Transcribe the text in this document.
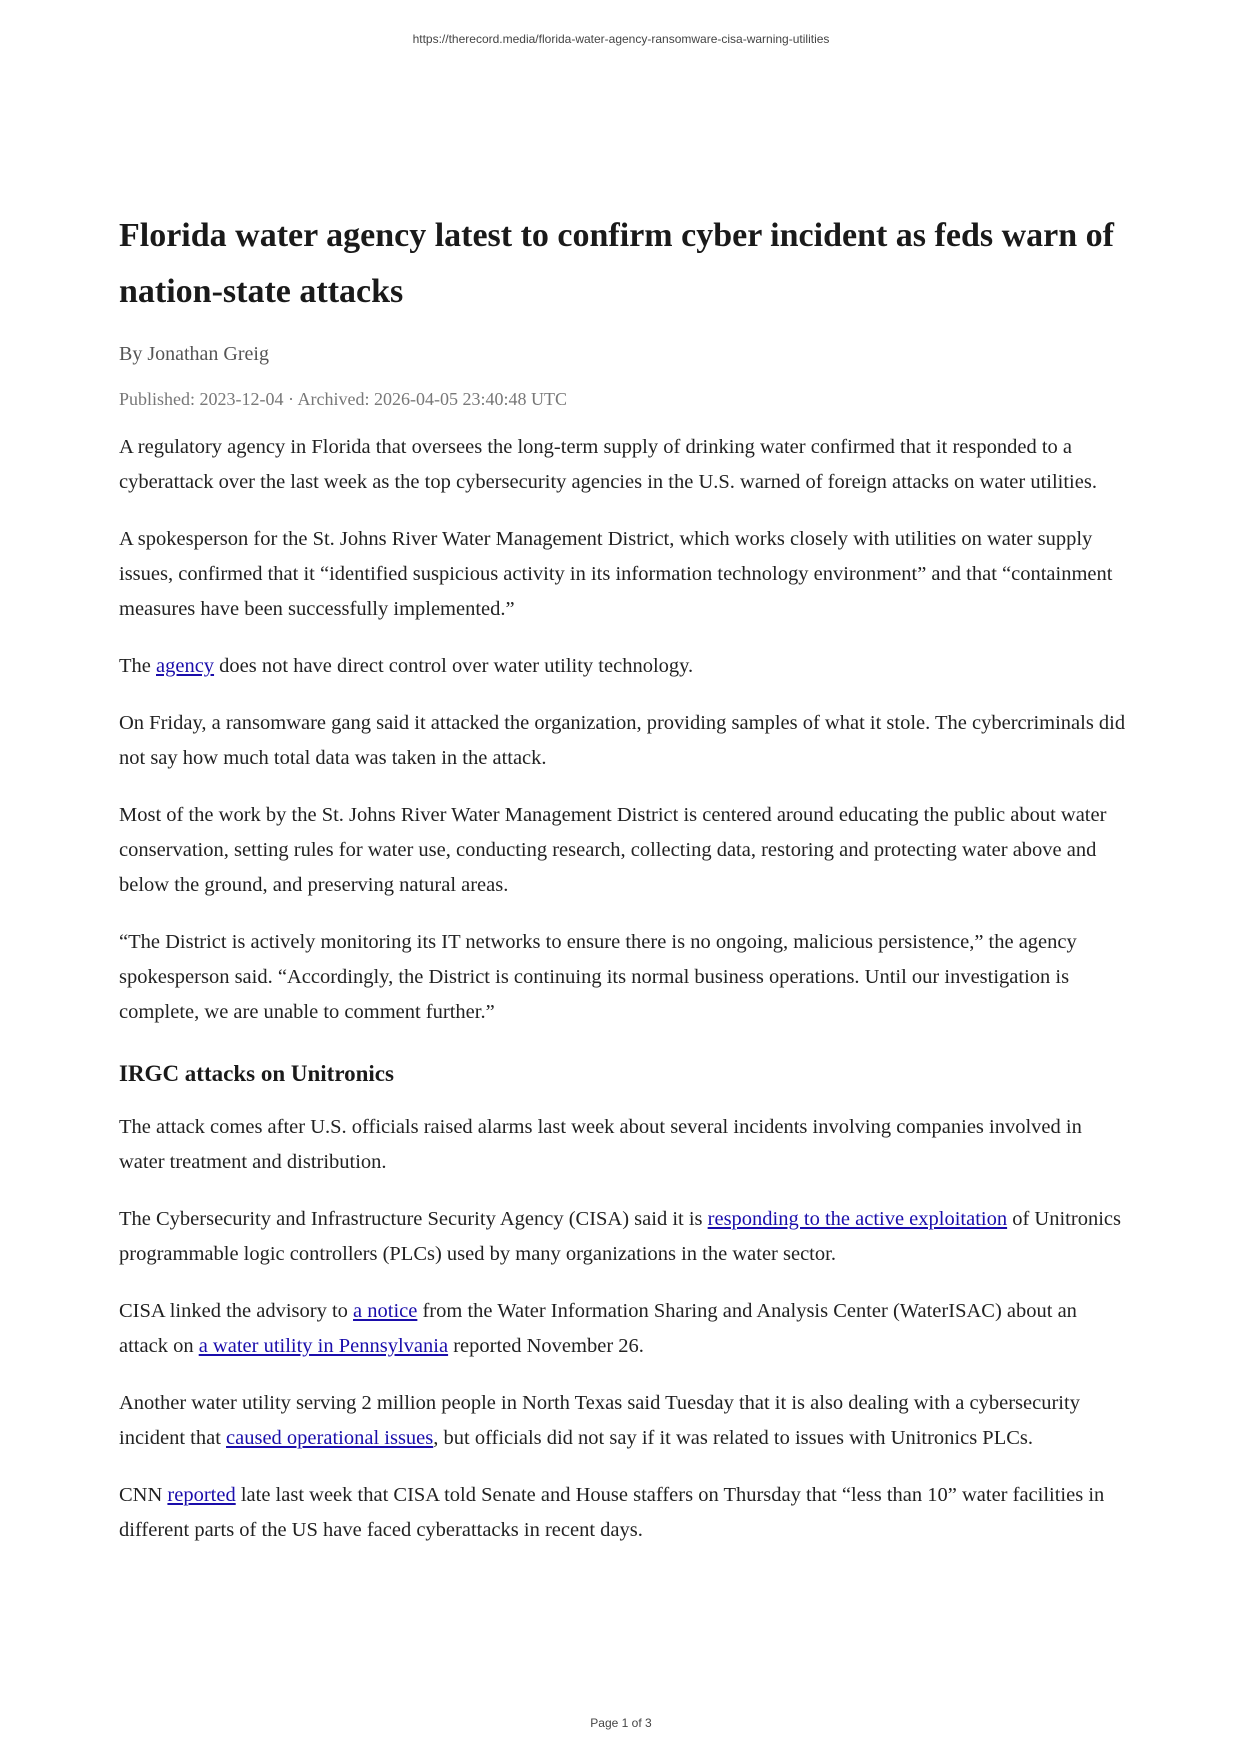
https://therecord.media/florida-water-agency-ransomware-cisa-warning-utilities
Florida water agency latest to confirm cyber incident as feds warn of nation-state attacks
By Jonathan Greig
Published: 2023-12-04 · Archived: 2026-04-05 23:40:48 UTC

A regulatory agency in Florida that oversees the long-term supply of drinking water confirmed that it responded to a cyberattack over the last week as the top cybersecurity agencies in the U.S. warned of foreign attacks on water utilities.

A spokesperson for the St. Johns River Water Management District, which works closely with utilities on water supply issues, confirmed that it “identified suspicious activity in its information technology environment” and that “containment measures have been successfully implemented.”

The agency does not have direct control over water utility technology.

On Friday, a ransomware gang said it attacked the organization, providing samples of what it stole. The cybercriminals did not say how much total data was taken in the attack.

Most of the work by the St. Johns River Water Management District is centered around educating the public about water conservation, setting rules for water use, conducting research, collecting data, restoring and protecting water above and below the ground, and preserving natural areas.

“The District is actively monitoring its IT networks to ensure there is no ongoing, malicious persistence,” the agency spokesperson said. “Accordingly, the District is continuing its normal business operations. Until our investigation is complete, we are unable to comment further.”

IRGC attacks on Unitronics

The attack comes after U.S. officials raised alarms last week about several incidents involving companies involved in water treatment and distribution.

The Cybersecurity and Infrastructure Security Agency (CISA) said it is responding to the active exploitation of Unitronics programmable logic controllers (PLCs) used by many organizations in the water sector.

CISA linked the advisory to a notice from the Water Information Sharing and Analysis Center (WaterISAC) about an attack on a water utility in Pennsylvania reported November 26.

Another water utility serving 2 million people in North Texas said Tuesday that it is also dealing with a cybersecurity incident that caused operational issues, but officials did not say if it was related to issues with Unitronics PLCs.

CNN reported late last week that CISA told Senate and House staffers on Thursday that “less than 10” water facilities in different parts of the US have faced cyberattacks in recent days.

Page 1 of 3
